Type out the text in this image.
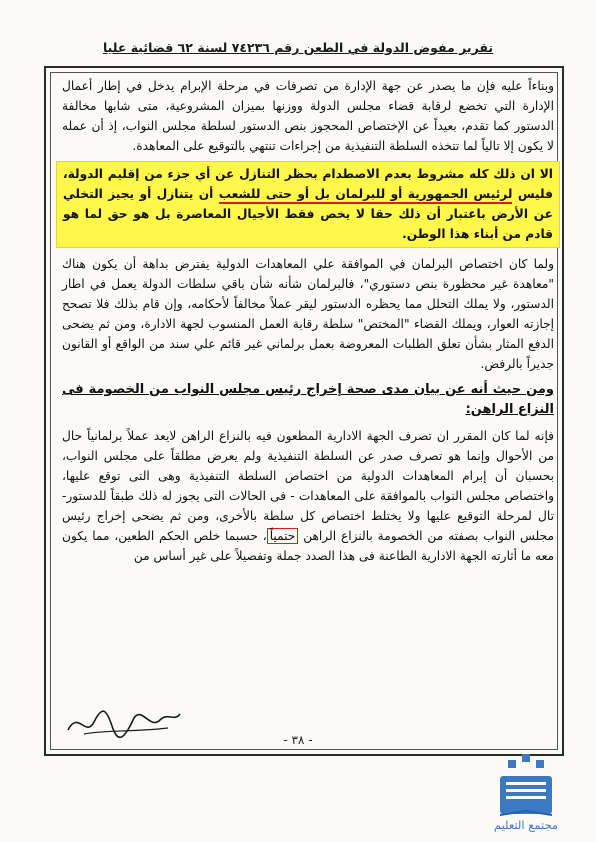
تقرير مفوض الدولة في الطعن رقم ٧٤٢٣٦ لسنة ٦٢ قضائية عليا

وبناءاً عليه فإن ما يصدر عن جهة الإدارة من تصرفات في مرحلة الإبرام يدخل في إطار أعمال الإدارة التي تخضع لرقابة قضاء مجلس الدولة ووزنها بميزان المشروعية، متى شابها مخالفة الدستور كما تقدم، بعيداً عن الإختصاص المحجوز بنص الدستور لسلطة مجلس النواب، إذ أن عمله لا يكون إلا تالياً لما تتخذه السلطة التنفيذية من إجراءات تنتهي بالتوقيع على المعاهدة.

الا ان ذلك كله مشروط بعدم الاصطدام بحظر التنازل عن أي جزء من إقليم الدولة، فليس لرئيس الجمهورية أو للبرلمان بل أو حتى للشعب أن يتنازل أو يجيز التخلي عن الأرض باعتبار أن ذلك حقا لا يخص فقط الأجيال المعاصرة بل هو حق لما هو قادم من أبناء هذا الوطن.

ولما كان اختصاص البرلمان في الموافقة علي المعاهدات الدولية يفترض بداهة أن يكون هناك "معاهدة غير محظورة بنص دستوري"، فالبرلمان شأنه شأن باقي سلطات الدولة يعمل في اطار الدستور، ولا يملك التحلل مما يحظره الدستور ليقر عملاً مخالفاً لأحكامه، وإن قام بذلك فلا تصحح إجازته العوار، ويملك القضاء "المختص" سلطة رقابة العمل المنسوب لجهة الادارة، ومن ثم يضحى الدفع المثار بشأن تعلق الطلبات المعروضة بعمل برلماني غير قائم علي سند من الواقع أو القانون جديراً بالرفض.

ومن حيث أنه عن بيان مدى صحة إخراج رئيس مجلس النواب من الخصومة فى النزاع الراهن:

فإنه لما كان المقرر ان تصرف الجهة الادارية المطعون فيه بالنزاع الراهن لايعد عملاً برلمانياً حال من الأحوال وإنما هو تصرف صدر عن السلطة التنفيذية ولم يعرض مطلقاً على مجلس النواب، بحسبان أن إبرام المعاهدات الدولية من اختصاص السلطة التنفيذية وهى التى توقع عليها، واختصاص مجلس النواب بالموافقة على المعاهدات - فى الحالات التى يجوز له ذلك طبقاً للدستور- تال لمرحلة التوقيع عليها ولا يختلط اختصاص كل سلطة بالأخرى، ومن ثم يضحى إخراج رئيس مجلس النواب بصفته من الخصومة بالنزاع الراهن حتمياً، حسبما خلص الحكم الطعين، مما يكون معه ما أثارته الجهة الادارية الطاعنة فى هذا الصدد جملة وتفصيلاً على غير أساس من

- ٣٨ -
مجتمع التعليم
